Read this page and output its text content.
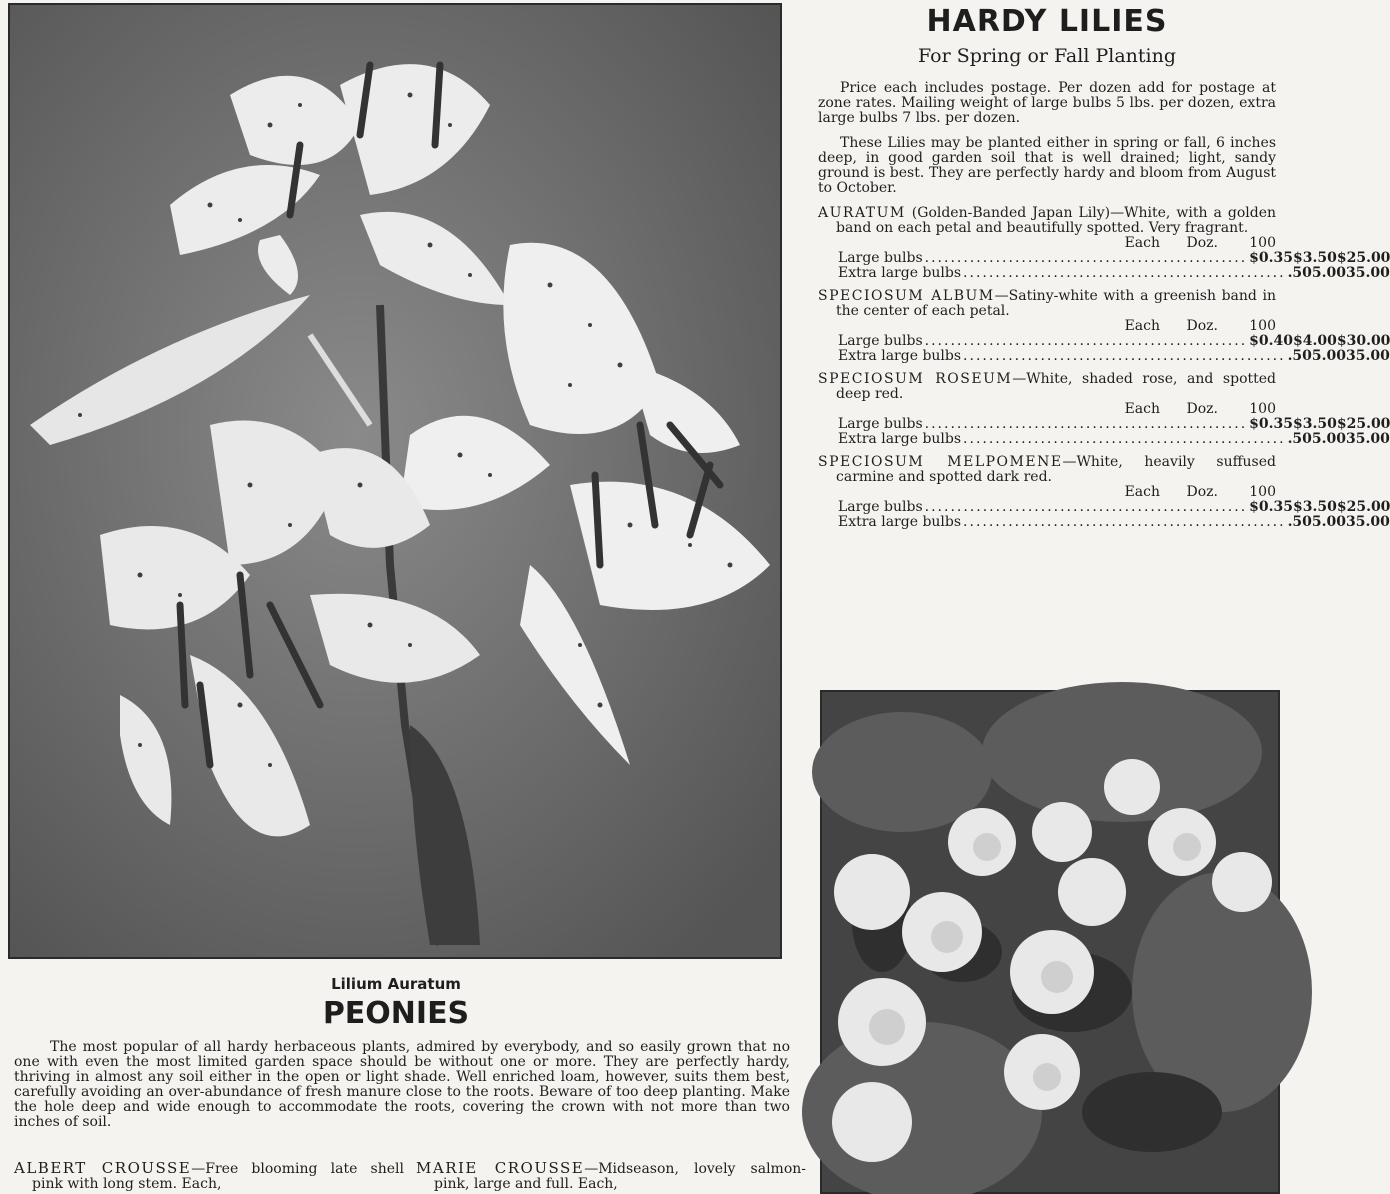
HARDY LILIES
For Spring or Fall Planting

Price each includes postage. Per dozen add for postage at zone rates. Mailing weight of large bulbs 5 lbs. per dozen, extra large bulbs 7 lbs. per dozen.

These Lilies may be planted either in spring or fall, 6 inches deep, in good garden soil that is well drained; light, sandy ground is best. They are perfectly hardy and bloom from August to October.

AURATUM (Golden-Banded Japan Lily)—White, with a golden band on each petal and beautifully spotted. Very fragrant.
Each	Doz.	100
Large bulbs .................................................. $0.35 $3.50 $25.00
Extra large bulbs .................................................. .50 5.00 35.00
SPECIOSUM ALBUM—Satiny-white with a greenish band in the center of each petal.
Each	Doz.	100
Large bulbs .................................................. $0.40 $4.00 $30.00
Extra large bulbs .................................................. .50 5.00 35.00
SPECIOSUM ROSEUM—White, shaded rose, and spotted deep red.
Each	Doz.	100
Large bulbs .................................................. $0.35 $3.50 $25.00
Extra large bulbs .................................................. .50 5.00 35.00
SPECIOSUM MELPOMENE—White, heavily suffused carmine and spotted dark red.
Each	Doz.	100
Large bulbs .................................................. $0.35 $3.50 $25.00
Extra large bulbs .................................................. .50 5.00 35.00
Lilium Auratum
PEONIES

The most popular of all hardy herbaceous plants, admired by everybody, and so easily grown that no one with even the most limited garden space should be without one or more. They are perfectly hardy, thriving in almost any soil either in the open or light shade. Well enriched loam, however, suits them best, carefully avoiding an over-abundance of fresh manure close to the roots. Beware of too deep planting. Make the hole deep and wide enough to accommodate the roots, covering the crown with not more than two inches of soil.

ALBERT CROUSSE—Free blooming late shell pink with long stem. Each,
MARIE CROUSSE—Midseason, lovely salmon-pink, large and full. Each,
